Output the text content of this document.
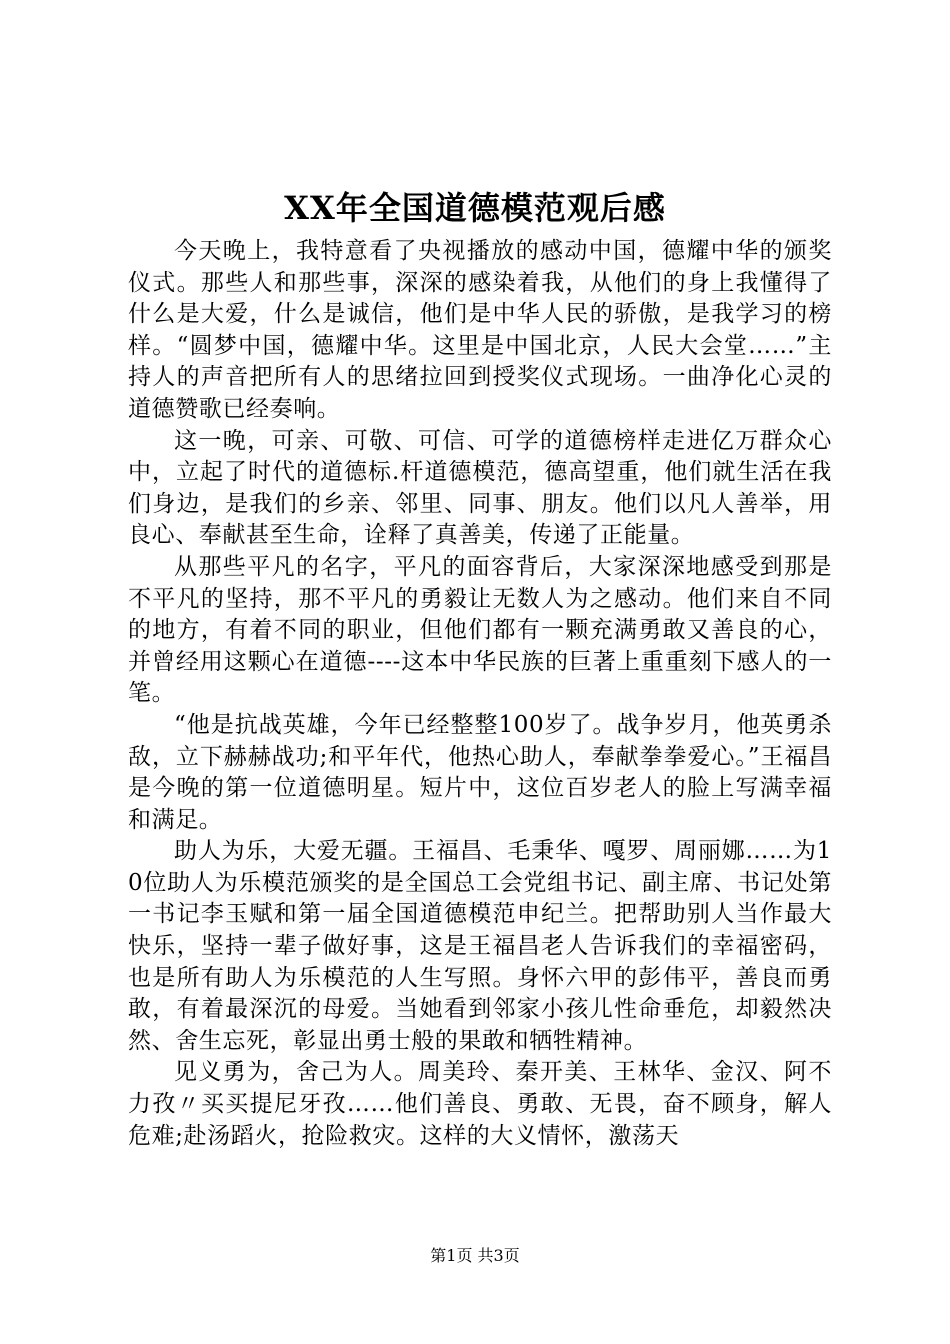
XX年全国道德模范观后感

今天晚上，我特意看了央视播放的感动中国，德耀中华的颁奖仪式。那些人和那些事，深深的感染着我，从他们的身上我懂得了什么是大爱，什么是诚信，他们是中华人民的骄傲，是我学习的榜样。“圆梦中国，德耀中华。这里是中国北京，人民大会堂……”主持人的声音把所有人的思绪拉回到授奖仪式现场。一曲净化心灵的道德赞歌已经奏响。

这一晚，可亲、可敬、可信、可学的道德榜样走进亿万群众心中，立起了时代的道德标.杆道德模范，德高望重，他们就生活在我们身边，是我们的乡亲、邻里、同事、朋友。他们以凡人善举，用良心、奉献甚至生命，诠释了真善美，传递了正能量。

从那些平凡的名字，平凡的面容背后，大家深深地感受到那是不平凡的坚持，那不平凡的勇毅让无数人为之感动。他们来自不同的地方，有着不同的职业，但他们都有一颗充满勇敢又善良的心，并曾经用这颗心在道德----这本中华民族的巨著上重重刻下感人的一笔。

“他是抗战英雄，今年已经整整100岁了。战争岁月，他英勇杀敌，立下赫赫战功;和平年代，他热心助人，奉献拳拳爱心。”王福昌是今晚的第一位道德明星。短片中，这位百岁老人的脸上写满幸福和满足。

助人为乐，大爱无疆。王福昌、毛秉华、嘎罗、周丽娜……为10位助人为乐模范颁奖的是全国总工会党组书记、副主席、书记处第一书记李玉赋和第一届全国道德模范申纪兰。把帮助别人当作最大快乐，坚持一辈子做好事，这是王福昌老人告诉我们的幸福密码，也是所有助人为乐模范的人生写照。身怀六甲的彭伟平，善良而勇敢，有着最深沉的母爱。当她看到邻家小孩儿性命垂危，却毅然决然、舍生忘死，彰显出勇士般的果敢和牺牲精神。

见义勇为，舍己为人。周美玲、秦开美、王林华、金汉、阿不力孜〃买买提尼牙孜……他们善良、勇敢、无畏，奋不顾身，解人危难;赴汤蹈火，抢险救灾。这样的大义情怀，激荡天

第1页 共3页
